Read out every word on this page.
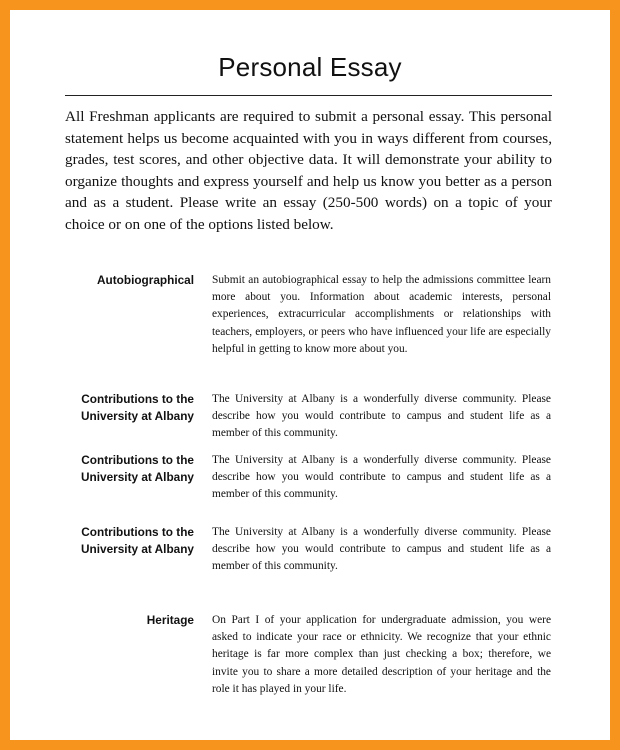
Personal Essay

All Freshman applicants are required to submit a personal essay. This personal statement helps us become acquainted with you in ways different from courses, grades, test scores, and other objective data. It will demonstrate your ability to organize thoughts and express yourself and help us know you better as a person and as a student. Please write an essay (250-500 words) on a topic of your choice or on one of the options listed below.

Autobiographical Submit an autobiographical essay to help the admissions committee learn more about you. Information about academic interests, personal experiences, extracurricular accomplishments or relationships with teachers, employers, or peers who have influenced your life are especially helpful in getting to know more about you.

Contributions to the University at Albany

The University at Albany is a wonderfully diverse community. Please describe how you would contribute to campus and student life as a member of this community.

Contributions to the University at Albany

The University at Albany is a wonderfully diverse community. Please describe how you would contribute to campus and student life as a member of this community.

Contributions to the University at Albany

The University at Albany is a wonderfully diverse community. Please describe how you would contribute to campus and student life as a member of this community.

Heritage On Part I of your application for undergraduate admission, you were asked to indicate your race or ethnicity. We recognize that your ethnic heritage is far more complex than just checking a box; therefore, we invite you to share a more detailed description of your heritage and the role it has played in your life.
